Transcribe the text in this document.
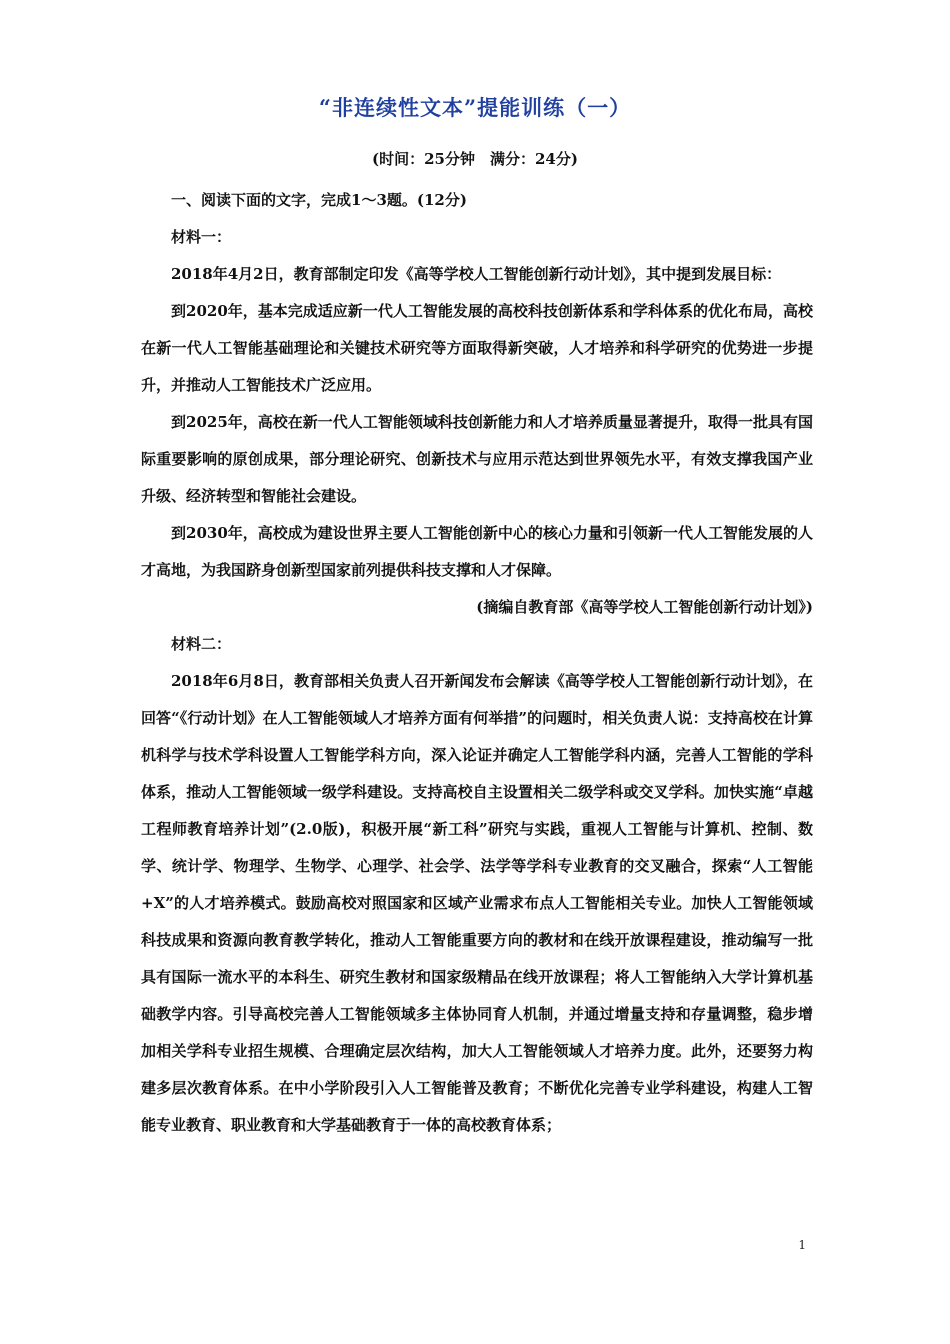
“非连续性文本”提能训练（一）
(时间：25分钟　满分：24分)

一、阅读下面的文字，完成1～3题。(12分)

材料一：

2018年4月2日，教育部制定印发《高等学校人工智能创新行动计划》，其中提到发展目标：

到2020年，基本完成适应新一代人工智能发展的高校科技创新体系和学科体系的优化布局，高校在新一代人工智能基础理论和关键技术研究等方面取得新突破，人才培养和科学研究的优势进一步提升，并推动人工智能技术广泛应用。

到2025年，高校在新一代人工智能领域科技创新能力和人才培养质量显著提升，取得一批具有国际重要影响的原创成果，部分理论研究、创新技术与应用示范达到世界领先水平，有效支撑我国产业升级、经济转型和智能社会建设。

到2030年，高校成为建设世界主要人工智能创新中心的核心力量和引领新一代人工智能发展的人才高地，为我国跻身创新型国家前列提供科技支撑和人才保障。

(摘编自教育部《高等学校人工智能创新行动计划》)

材料二：

2018年6月8日，教育部相关负责人召开新闻发布会解读《高等学校人工智能创新行动计划》，在回答“《行动计划》在人工智能领域人才培养方面有何举措”的问题时，相关负责人说：支持高校在计算机科学与技术学科设置人工智能学科方向，深入论证并确定人工智能学科内涵，完善人工智能的学科体系，推动人工智能领域一级学科建设。支持高校自主设置相关二级学科或交叉学科。加快实施“卓越工程师教育培养计划”(2.0版)，积极开展“新工科”研究与实践，重视人工智能与计算机、控制、数学、统计学、物理学、生物学、心理学、社会学、法学等学科专业教育的交叉融合，探索“人工智能+X”的人才培养模式。鼓励高校对照国家和区域产业需求布点人工智能相关专业。加快人工智能领域科技成果和资源向教育教学转化，推动人工智能重要方向的教材和在线开放课程建设，推动编写一批具有国际一流水平的本科生、研究生教材和国家级精品在线开放课程；将人工智能纳入大学计算机基础教学内容。引导高校完善人工智能领域多主体协同育人机制，并通过增量支持和存量调整，稳步增加相关学科专业招生规模、合理确定层次结构，加大人工智能领域人才培养力度。此外，还要努力构建多层次教育体系。在中小学阶段引入人工智能普及教育；不断优化完善专业学科建设，构建人工智能专业教育、职业教育和大学基础教育于一体的高校教育体系；

1
